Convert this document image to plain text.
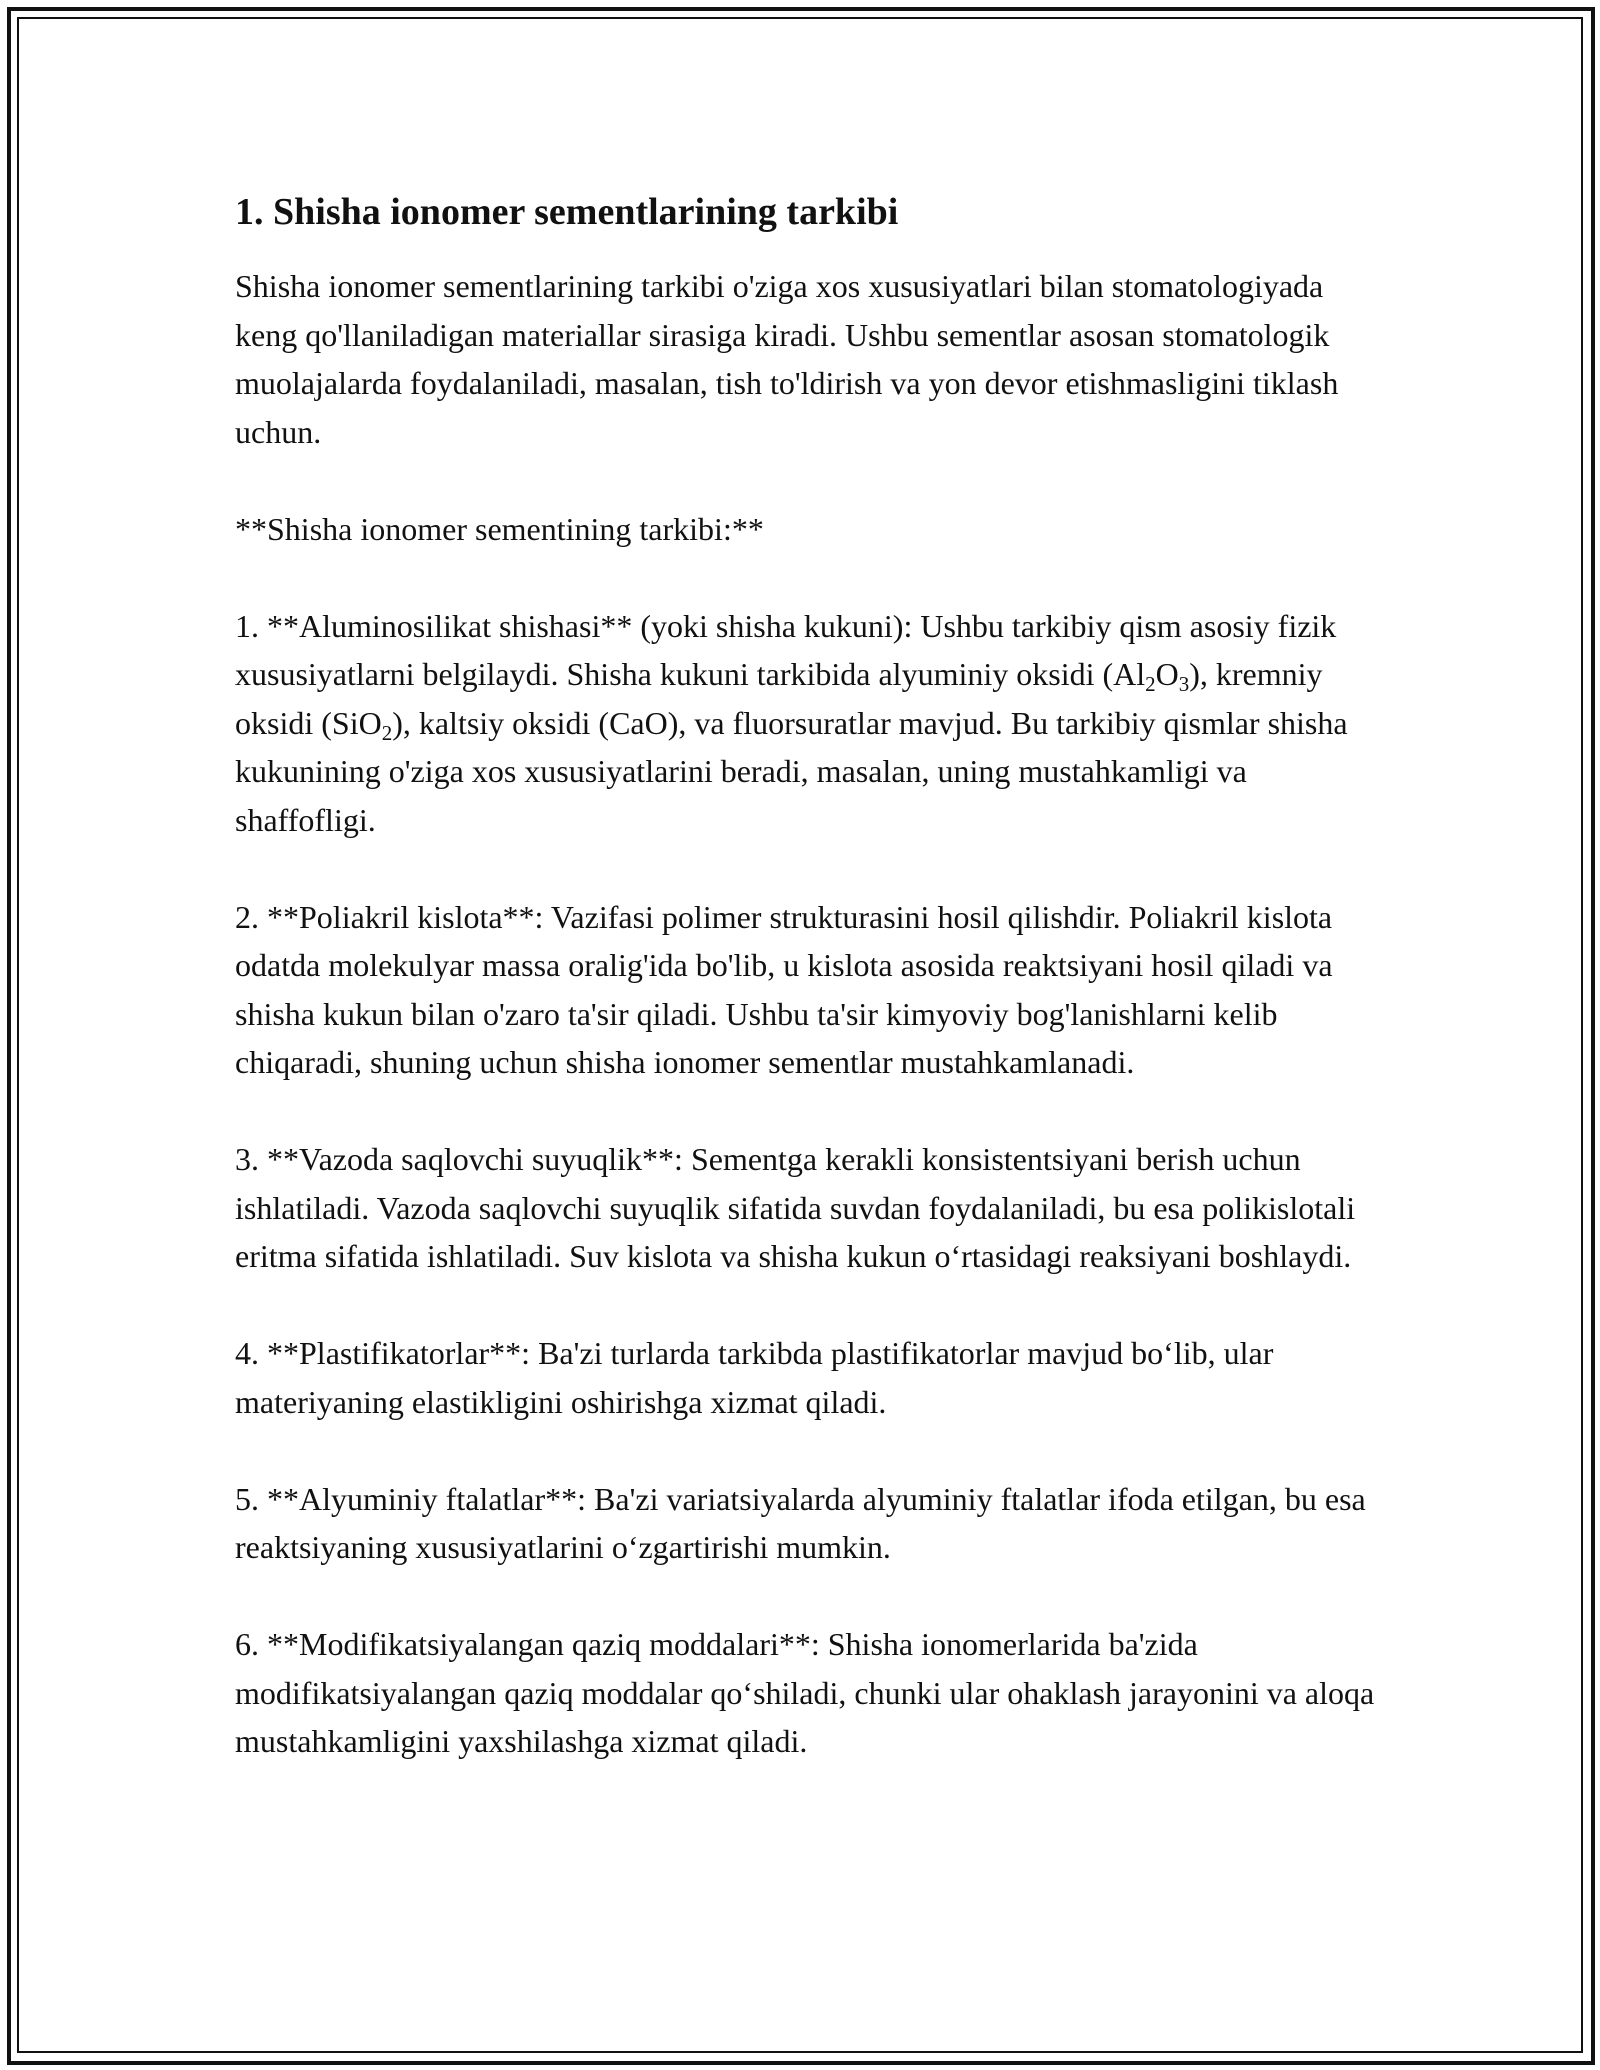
1. Shisha ionomer sementlarining tarkibi

Shisha ionomer sementlarining tarkibi o'ziga xos xususiyatlari bilan stomatologiyada keng qo'llaniladigan materiallar sirasiga kiradi. Ushbu sementlar asosan stomatologik muolajalarda foydalaniladi, masalan, tish to'ldirish va yon devor etishmasligini tiklash uchun.

**Shisha ionomer sementining tarkibi:**

1. **Aluminosilikat shishasi** (yoki shisha kukuni): Ushbu tarkibiy qism asosiy fizik xususiyatlarni belgilaydi. Shisha kukuni tarkibida alyuminiy oksidi $(Al_2O_3)$, kremniy oksidi (SiO$_2$), kaltsiy oksidi (CaO), va fluorsuratlar mavjud. Bu tarkibiy qismlar shisha kukunining o'ziga xos xususiyatlarini beradi, masalan, uning mustahkamligi va shaffofligi.

2. **Poliakril kislota**: Vazifasi polimer strukturasini hosil qilishdir. Poliakril kislota odatda molekulyar massa oralig'ida bo'lib, u kislota asosida reaktsiyani hosil qiladi va shisha kukun bilan o'zaro ta'sir qiladi. Ushbu ta'sir kimyoviy bog'lanishlarni kelib chiqaradi, shuning uchun shisha ionomer sementlar mustahkamlanadi.

3. **Vazoda saqlovchi suyuqlik**: Sementga kerakli konsistentsiyani berish uchun ishlatiladi. Vazoda saqlovchi suyuqlik sifatida suvdan foydalaniladi, bu esa polikislotali eritma sifatida ishlatiladi. Suv kislota va shisha kukun o‘rtasidagi reaksiyani boshlaydi.

4. **Plastifikatorlar**: Ba'zi turlarda tarkibda plastifikatorlar mavjud bo‘lib, ular materiyaning elastikligini oshirishga xizmat qiladi.

5. **Alyuminiy ftalatlar**: Ba'zi variatsiyalarda alyuminiy ftalatlar ifoda etilgan, bu esa reaktsiyaning xususiyatlarini o‘zgartirishi mumkin.

6. **Modifikatsiyalangan qaziq moddalari**: Shisha ionomerlarida ba'zida modifikatsiyalangan qaziq moddalar qo‘shiladi, chunki ular ohaklash jarayonini va aloqa mustahkamligini yaxshilashga xizmat qiladi.
